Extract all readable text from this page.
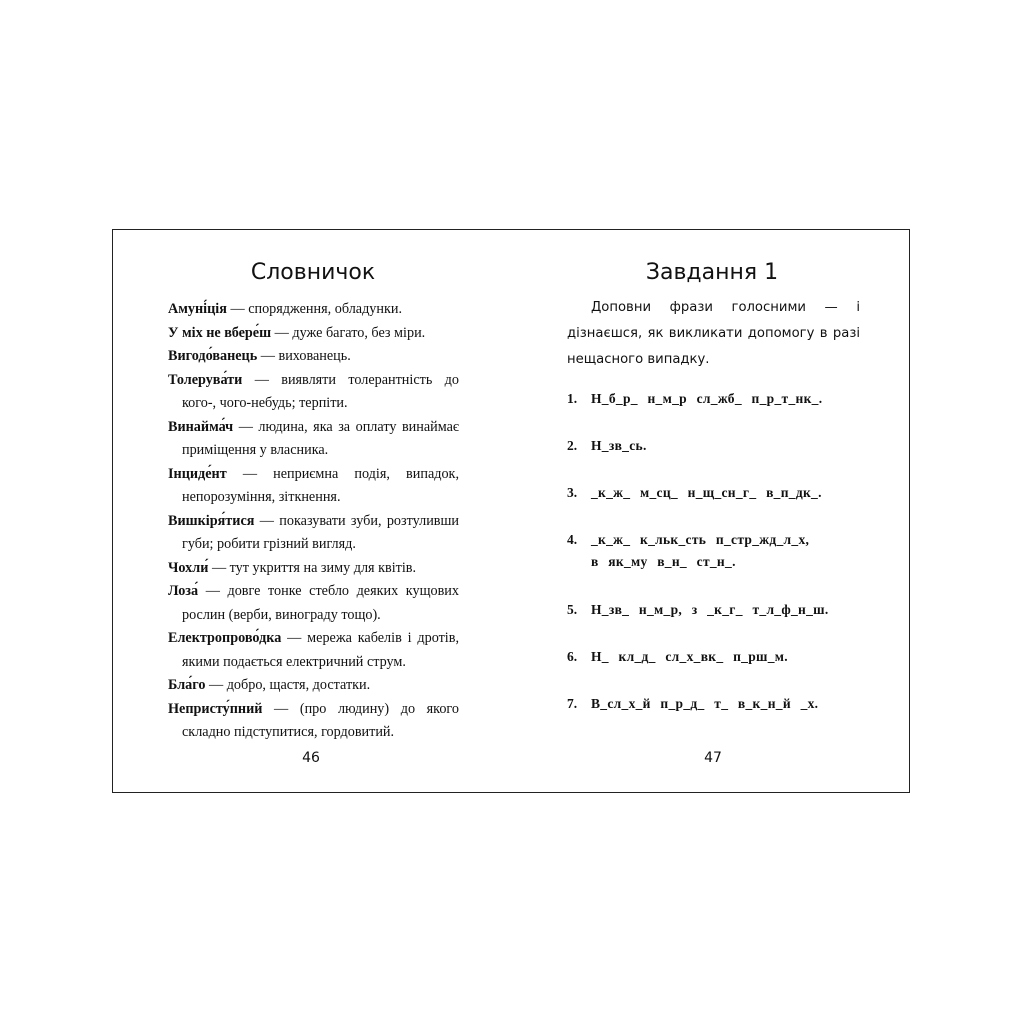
Словничок
Амуні́ція — спорядження, обладунки.
У міх не вбере́ш — дуже багато, без міри.
Вигодо́ванець — вихованець.
Толерува́ти — виявляти толерантність до кого-, чого-небудь; терпіти.
Винайма́ч — людина, яка за оплату винаймає приміщення у власника.
Інциде́нт — неприємна подія, випадок, непорозуміння, зіткнення.
Вишкіря́тися — показувати зуби, розтуливши губи; робити грізний вигляд.
Чохли́ — тут укриття на зиму для квітів.
Лоза́ — довге тонке стебло деяких кущових рослин (верби, винограду тощо).
Електропрово́дка — мережа кабелів і дротів, якими подається електричний струм.
Бла́го — добро, щастя, достатки.
Непристу́пний — (про людину) до якого складно підступитися, гордовитий.
Завдання 1

Доповни фрази голосними — і дізнаєшся, як викликати допомогу в разі нещасного випадку.

1. Н_б_р_ н_м_р сл_жб_ п_р_т_нк_.
2. Н_зв_сь.
3. _к_ж_ м_сц_ н_щ_сн_г_ в_п_дк_.
4. _к_ж_ к_льк_сть п_стр_жд_л_х,
в як_му в_н_ ст_н_.
5. Н_зв_ н_м_р, з _к_г_ т_л_ф_н_ш.
6. Н_ кл_д_ сл_х_вк_ п_рш_м.
7. В_сл_х_й п_р_д_ т_ в_к_н_й _х.
46	47
